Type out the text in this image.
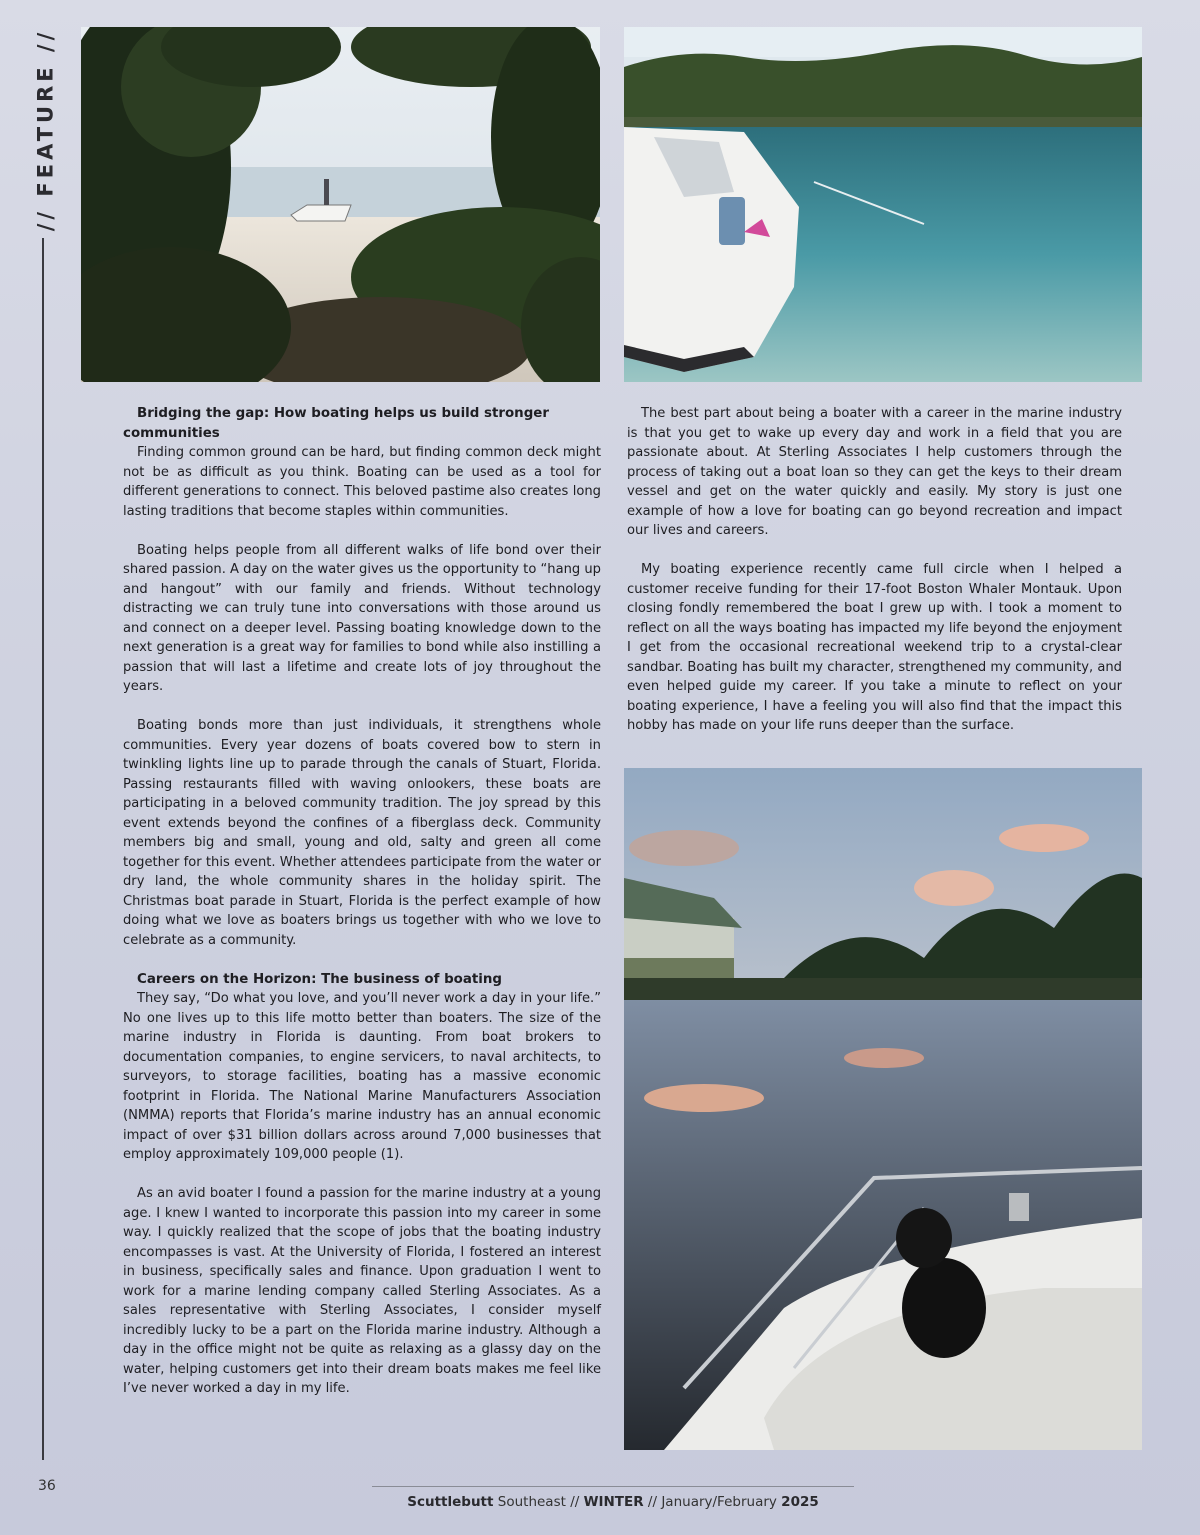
// FEATURE //
Bridging the gap: How boating helps us build stronger communities

Finding common ground can be hard, but finding common deck might not be as difficult as you think. Boating can be used as a tool for different generations to connect. This beloved pastime also creates long lasting traditions that become staples within communities.

Boating helps people from all different walks of life bond over their shared passion. A day on the water gives us the opportunity to “hang up and hangout” with our family and friends. Without technology distracting we can truly tune into conversations with those around us and connect on a deeper level. Passing boating knowledge down to the next generation is a great way for families to bond while also instilling a passion that will last a lifetime and create lots of joy throughout the years.

Boating bonds more than just individuals, it strengthens whole communities. Every year dozens of boats covered bow to stern in twinkling lights line up to parade through the canals of Stuart, Florida. Passing restaurants filled with waving onlookers, these boats are participating in a beloved community tradition. The joy spread by this event extends beyond the confines of a fiberglass deck. Community members big and small, young and old, salty and green all come together for this event. Whether attendees participate from the water or dry land, the whole community shares in the holiday spirit. The Christmas boat parade in Stuart, Florida is the perfect example of how doing what we love as boaters brings us together with who we love to celebrate as a community.

Careers on the Horizon: The business of boating

They say, “Do what you love, and you’ll never work a day in your life.” No one lives up to this life motto better than boaters. The size of the marine industry in Florida is daunting. From boat brokers to documentation companies, to engine servicers, to naval architects, to surveyors, to storage facilities, boating has a massive economic footprint in Florida. The National Marine Manufacturers Association (NMMA) reports that Florida’s marine industry has an annual economic impact of over $31 billion dollars across around 7,000 businesses that employ approximately 109,000 people (1).

As an avid boater I found a passion for the marine industry at a young age. I knew I wanted to incorporate this passion into my career in some way. I quickly realized that the scope of jobs that the boating industry encompasses is vast. At the University of Florida, I fostered an interest in business, specifically sales and finance. Upon graduation I went to work for a marine lending company called Sterling Associates. As a sales representative with Sterling Associates, I consider myself incredibly lucky to be a part on the Florida marine industry. Although a day in the office might not be quite as relaxing as a glassy day on the water, helping customers get into their dream boats makes me feel like I’ve never worked a day in my life.

The best part about being a boater with a career in the marine industry is that you get to wake up every day and work in a field that you are passionate about. At Sterling Associates I help customers through the process of taking out a boat loan so they can get the keys to their dream vessel and get on the water quickly and easily. My story is just one example of how a love for boating can go beyond recreation and impact our lives and careers.

My boating experience recently came full circle when I helped a customer receive funding for their 17-foot Boston Whaler Montauk. Upon closing fondly remembered the boat I grew up with. I took a moment to reflect on all the ways boating has impacted my life beyond the enjoyment I get from the occasional recreational weekend trip to a crystal-clear sandbar. Boating has built my character, strengthened my community, and even helped guide my career. If you take a minute to reflect on your boating experience, I have a feeling you will also find that the impact this hobby has made on your life runs deeper than the surface.

36
Scuttlebutt Southeast // WINTER // January/February 2025
